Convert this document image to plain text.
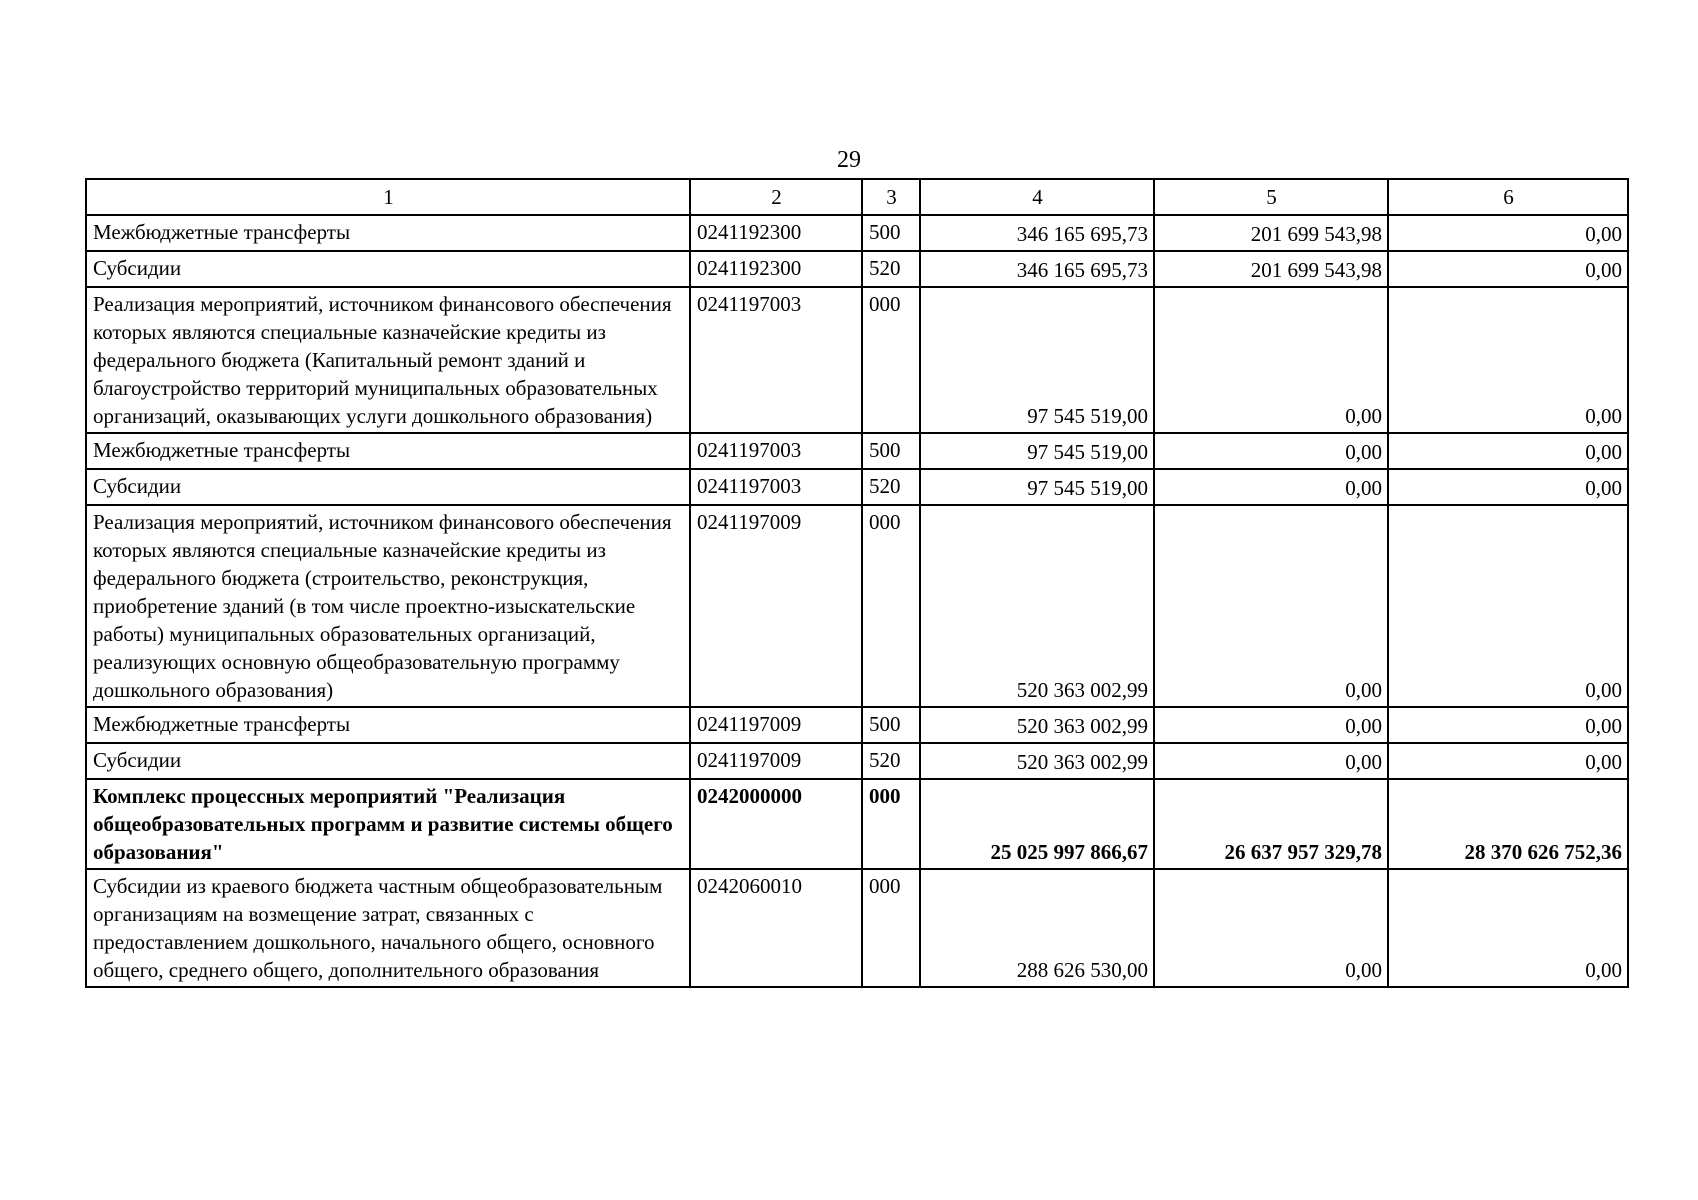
29
1	2	3	4	5	6
Межбюджетные трансферты	0241192300	500	346 165 695,73	201 699 543,98	0,00
Субсидии	0241192300	520	346 165 695,73	201 699 543,98	0,00
Реализация мероприятий, источником финансового обеспечения которых являются специальные казначейские кредиты из федерального бюджета (Капитальный ремонт зданий и благоустройство территорий муниципальных образовательных организаций, оказывающих услуги дошкольного образования)	0241197003	000	97 545 519,00	0,00	0,00
Межбюджетные трансферты	0241197003	500	97 545 519,00	0,00	0,00
Субсидии	0241197003	520	97 545 519,00	0,00	0,00
Реализация мероприятий, источником финансового обеспечения которых являются специальные казначейские кредиты из федерального бюджета (строительство, реконструкция, приобретение зданий (в том числе проектно-изыскательские работы) муниципальных образовательных организаций, реализующих основную общеобразовательную программу дошкольного образования)	0241197009	000	520 363 002,99	0,00	0,00
Межбюджетные трансферты	0241197009	500	520 363 002,99	0,00	0,00
Субсидии	0241197009	520	520 363 002,99	0,00	0,00
Комплекс процессных мероприятий "Реализация общеобразовательных программ и развитие системы общего образования"	0242000000	000	25 025 997 866,67	26 637 957 329,78	28 370 626 752,36
Субсидии из краевого бюджета частным общеобразовательным организациям на возмещение затрат, связанных с предоставлением дошкольного, начального общего, основного общего, среднего общего, дополнительного образования	0242060010	000	288 626 530,00	0,00	0,00
